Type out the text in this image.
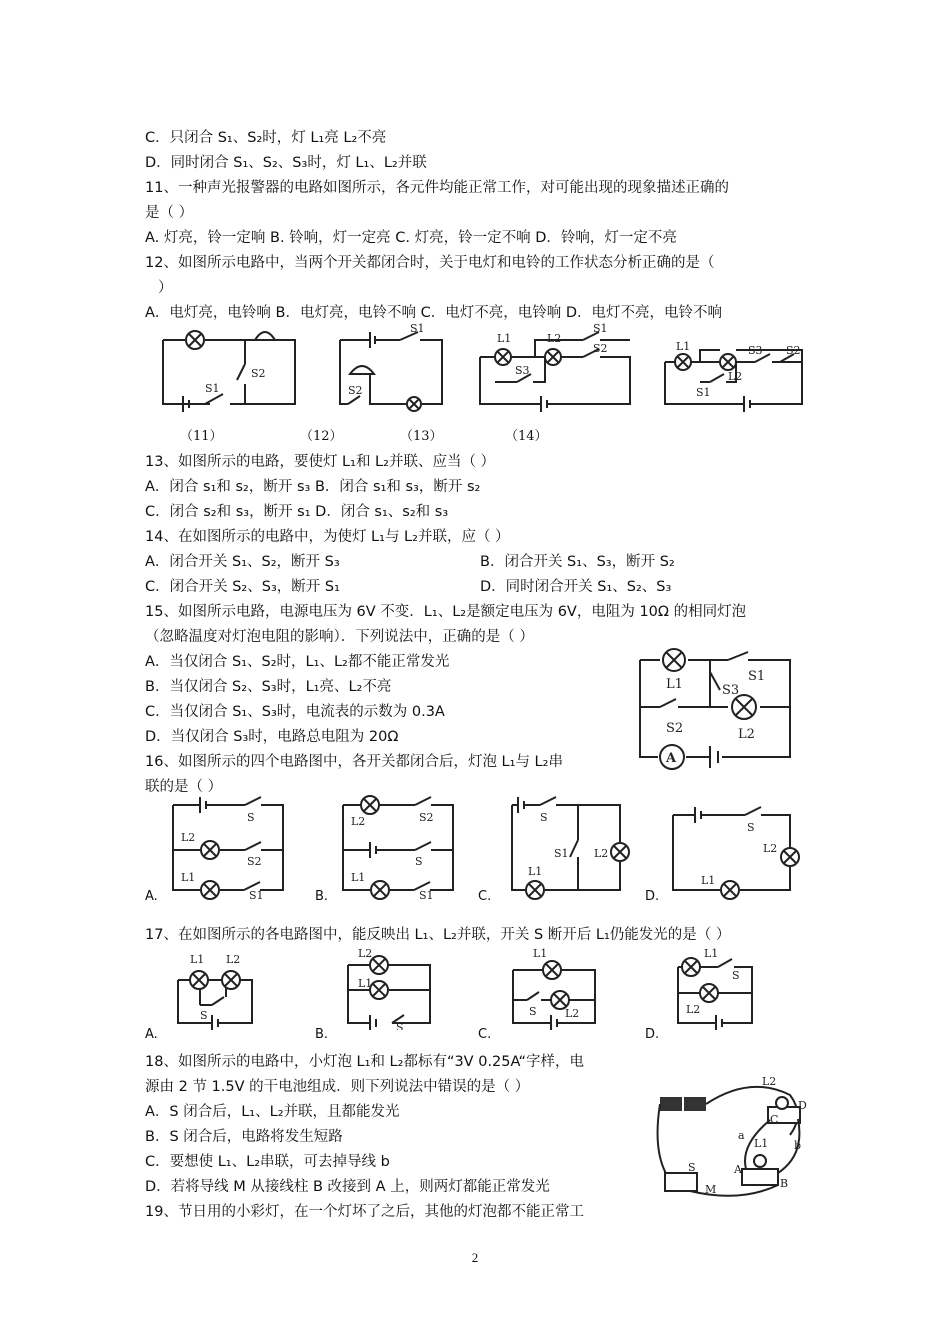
C．只闭合 S₁、S₂时，灯 L₁亮 L₂不亮
D．同时闭合 S₁、S₂、S₃时，灯 L₁、L₂并联
11、一种声光报警器的电路如图所示，各元件均能正常工作，对可能出现的现象描述正确的
是（ ）
A. 灯亮，铃一定响 B. 铃响，灯一定亮 C. 灯亮，铃一定不响 D．铃响，灯一定不亮
12、如图所示电路中，当两个开关都闭合时，关于电灯和电铃的工作状态分析正确的是（
）
A．电灯亮，电铃响 B．电灯亮，电铃不响 C．电灯不亮，电铃响 D．电灯不亮，电铃不响
S2
S1
S1
S2
L1	L2
S1
S2
S3
L1
L2
S3 S2
S1
（11）	（12）	（13）	（14）
13、如图所示的电路，要使灯 L₁和 L₂并联、应当（ ）
A．闭合 s₁和 s₂，断开 s₃ B．闭合 s₁和 s₃，断开 s₂
C．闭合 s₂和 s₃，断开 s₁ D．闭合 s₁、s₂和 s₃
14、在如图所示的电路中，为使灯 L₁与 L₂并联，应（ ）
A．闭合开关 S₁、S₂，断开 S₃	B．闭合开关 S₁、S₃，断开 S₂
C．闭合开关 S₂、S₃，断开 S₁	D．同时闭合开关 S₁、S₂、S₃
15、如图所示电路，电源电压为 6V 不变．L₁、L₂是额定电压为 6V，电阻为 10Ω 的相同灯泡
（忽略温度对灯泡电阻的影响）．下列说法中，正确的是（ ）
A．当仅闭合 S₁、S₂时，L₁、L₂都不能正常发光
B．当仅闭合 S₂、S₃时，L₁亮、L₂不亮
C．当仅闭合 S₁、S₃时，电流表的示数为 0.3A
D．当仅闭合 S₃时，电路总电阻为 20Ω
16、如图所示的四个电路图中，各开关都闭合后，灯泡 L₁与 L₂串
联的是（ ）
L1
S1
S3
S2	L2
A
S
L2
S2
L1
S1
A.
L2	S2
S
L1
S1
B.
S
S1 L2
L1
C.
S
L2
L1
D.
17、在如图所示的各电路图中，能反映出 L₁、L₂并联，开关 S 断开后 L₁仍能发光的是（ ）
L1 L2
S
A.
L2
L1
S
B.
L1
S	L2
C.
L1
S
L2
D.
18、如图所示的电路中，小灯泡 L₁和 L₂都标有“3V 0.25A“字样，电
源由 2 节 1.5V 的干电池组成．则下列说法中错误的是（ ）
A．S 闭合后，L₁、L₂并联，且都能发光
B．S 闭合后，电路将发生短路
C．要想使 L₁、L₂串联，可去掉导线 b
D．若将导线 M 从接线柱 B 改接到 A 上，则两灯都能正常发光
19、节日用的小彩灯，在一个灯坏了之后，其他的灯泡都不能正常工
S
M
L2
C
D
L1
A
B
a
b
2
